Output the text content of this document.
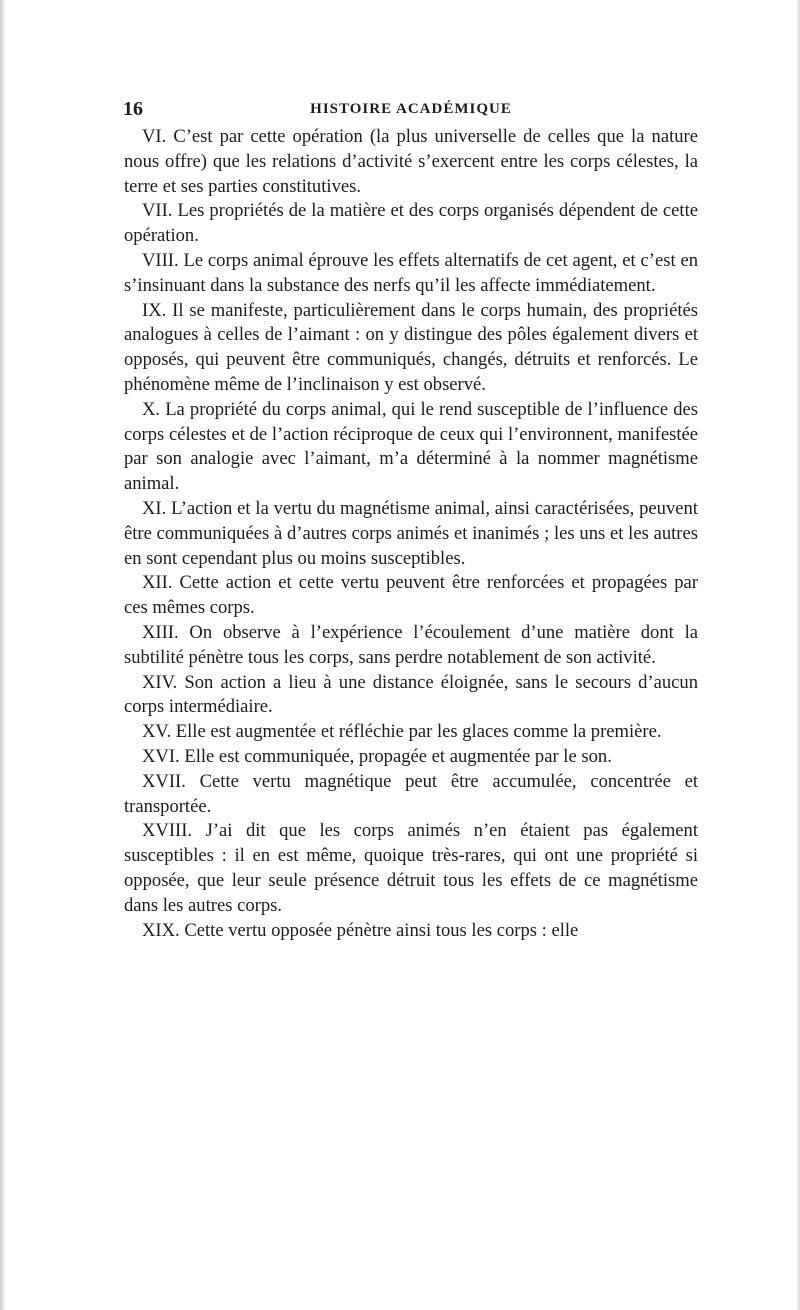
16	HISTOIRE ACADÉMIQUE

VI. C’est par cette opération (la plus universelle de celles que la nature nous offre) que les relations d’activité s’exercent entre les corps célestes, la terre et ses parties constitutives.

VII. Les propriétés de la matière et des corps organisés dépendent de cette opération.

VIII. Le corps animal éprouve les effets alternatifs de cet agent, et c’est en s’insinuant dans la substance des nerfs qu’il les affecte immédiatement.

IX. Il se manifeste, particulièrement dans le corps humain, des propriétés analogues à celles de l’aimant : on y distingue des pôles également divers et opposés, qui peuvent être communiqués, changés, détruits et renforcés. Le phénomène même de l’inclinaison y est observé.

X. La propriété du corps animal, qui le rend susceptible de l’influence des corps célestes et de l’action réciproque de ceux qui l’environnent, manifestée par son analogie avec l’aimant, m’a déterminé à la nommer magnétisme animal.

XI. L’action et la vertu du magnétisme animal, ainsi caractérisées, peuvent être communiquées à d’autres corps animés et inanimés ; les uns et les autres en sont cependant plus ou moins susceptibles.

XII. Cette action et cette vertu peuvent être renforcées et propagées par ces mêmes corps.

XIII. On observe à l’expérience l’écoulement d’une matière dont la subtilité pénètre tous les corps, sans perdre notablement de son activité.

XIV. Son action a lieu à une distance éloignée, sans le secours d’aucun corps intermédiaire.

XV. Elle est augmentée et réfléchie par les glaces comme la première.

XVI. Elle est communiquée, propagée et augmentée par le son.

XVII. Cette vertu magnétique peut être accumulée, concentrée et transportée.

XVIII. J’ai dit que les corps animés n’en étaient pas également susceptibles : il en est même, quoique très-rares, qui ont une propriété si opposée, que leur seule présence détruit tous les effets de ce magnétisme dans les autres corps.

XIX. Cette vertu opposée pénètre ainsi tous les corps : elle
